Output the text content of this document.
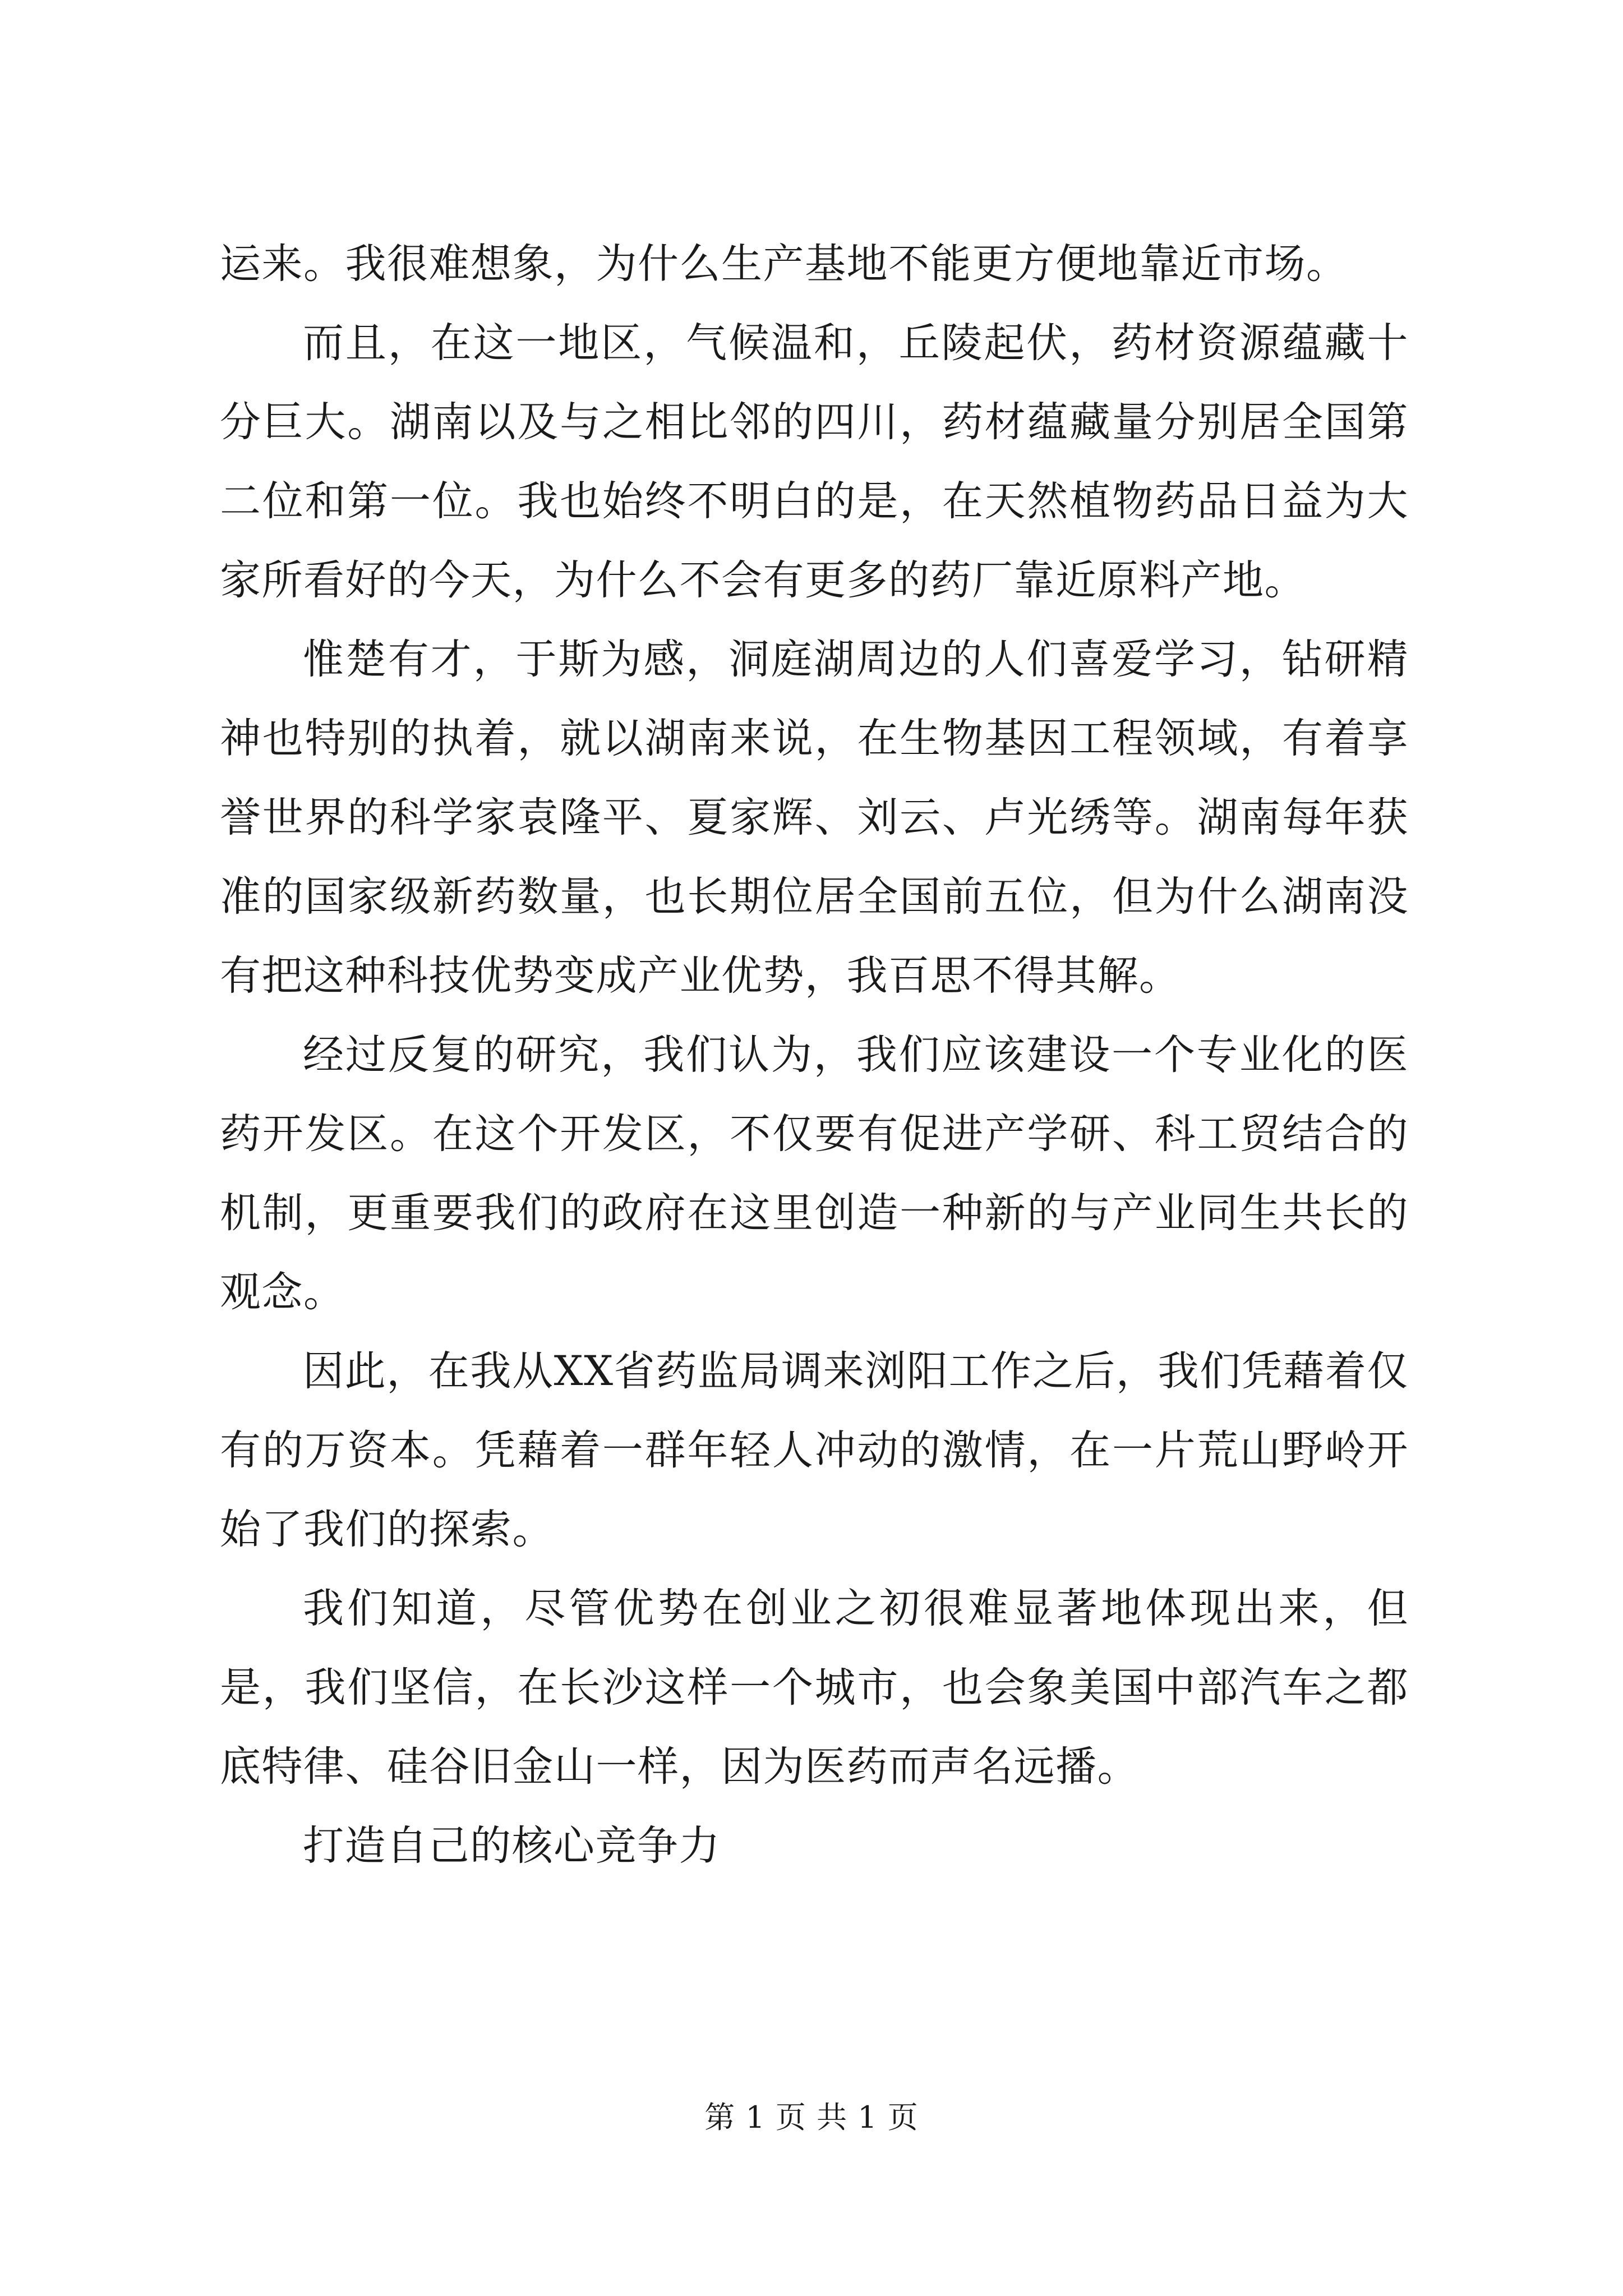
运来。我很难想象，为什么生产基地不能更方便地靠近市场。

而且，在这一地区，气候温和，丘陵起伏，药材资源蕴藏十分巨大。湖南以及与之相比邻的四川，药材蕴藏量分别居全国第二位和第一位。我也始终不明白的是，在天然植物药品日益为大家所看好的今天，为什么不会有更多的药厂靠近原料产地。

惟楚有才，于斯为感，洞庭湖周边的人们喜爱学习，钻研精神也特别的执着，就以湖南来说，在生物基因工程领域，有着享誉世界的科学家袁隆平、夏家辉、刘云、卢光绣等。湖南每年获准的国家级新药数量，也长期位居全国前五位，但为什么湖南没有把这种科技优势变成产业优势，我百思不得其解。

经过反复的研究，我们认为，我们应该建设一个专业化的医药开发区。在这个开发区，不仅要有促进产学研、科工贸结合的机制，更重要我们的政府在这里创造一种新的与产业同生共长的观念。

因此，在我从XX省药监局调来浏阳工作之后，我们凭藉着仅有的万资本。凭藉着一群年轻人冲动的激情，在一片荒山野岭开始了我们的探索。

我们知道，尽管优势在创业之初很难显著地体现出来，但是，我们坚信，在长沙这样一个城市，也会象美国中部汽车之都底特律、硅谷旧金山一样，因为医药而声名远播。

打造自己的核心竞争力

第 1 页 共 1 页
